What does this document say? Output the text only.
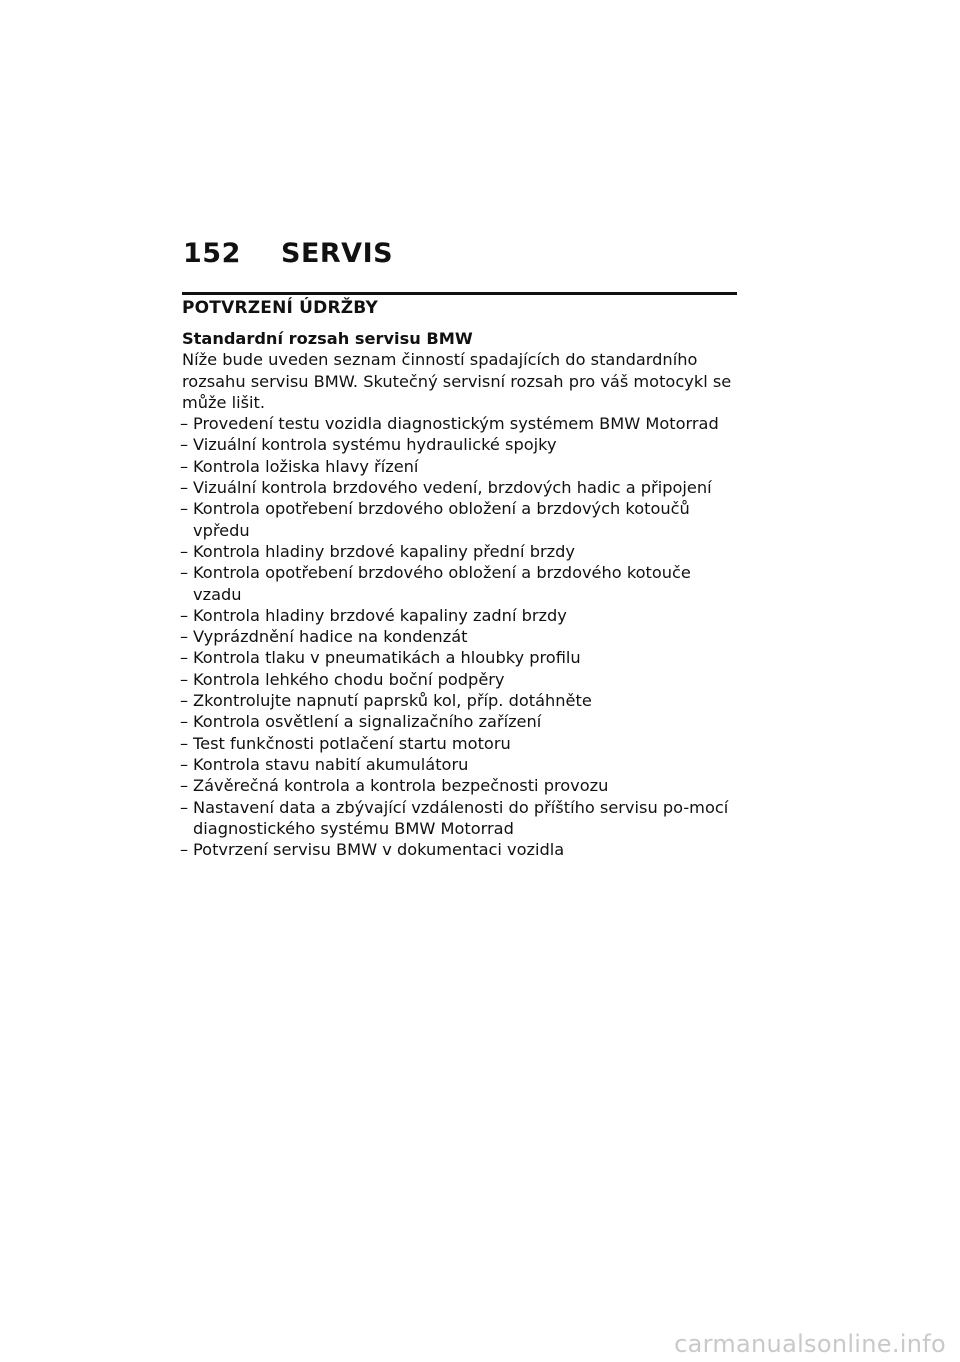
152	SERVIS
POTVRZENÍ ÚDRŽBY
Standardní rozsah servisu BMW

Níže bude uveden seznam činností spadajících do standardního rozsahu servisu BMW. Skutečný servisní rozsah pro váš motocykl se může lišit.

– Provedení testu vozidla diagnostickým systémem BMW Motorrad
– Vizuální kontrola systému hydraulické spojky
– Kontrola ložiska hlavy řízení
– Vizuální kontrola brzdového vedení, brzdových hadic a připojení
– Kontrola opotřebení brzdového obložení a brzdových kotoučů vpředu
– Kontrola hladiny brzdové kapaliny přední brzdy
– Kontrola opotřebení brzdového obložení a brzdového kotouče vzadu
– Kontrola hladiny brzdové kapaliny zadní brzdy
– Vyprázdnění hadice na kondenzát
– Kontrola tlaku v pneumatikách a hloubky profilu
– Kontrola lehkého chodu boční podpěry
– Zkontrolujte napnutí paprsků kol, příp. dotáhněte
– Kontrola osvětlení a signalizačního zařízení
– Test funkčnosti potlačení startu motoru
– Kontrola stavu nabití akumulátoru
– Závěrečná kontrola a kontrola bezpečnosti provozu
– Nastavení data a zbývající vzdálenosti do příštího servisu po-mocí diagnostického systému BMW Motorrad
– Potvrzení servisu BMW v dokumentaci vozidla
carmanualsonline.info
